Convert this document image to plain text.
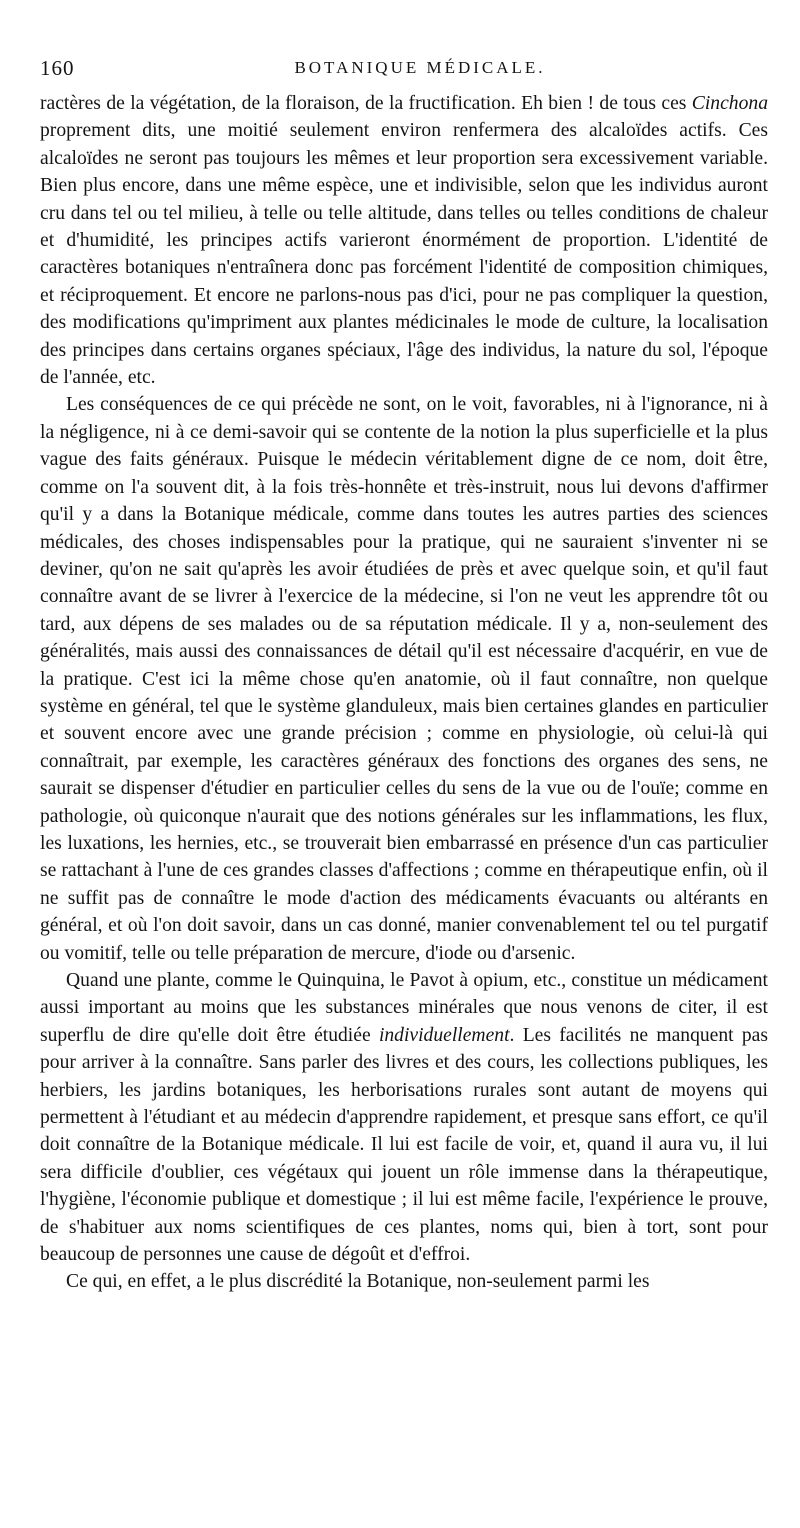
160	BOTANIQUE MÉDICALE.

ractères de la végétation, de la floraison, de la fructification. Eh bien ! de tous ces Cinchona proprement dits, une moitié seulement environ renfermera des alcaloïdes actifs. Ces alcaloïdes ne seront pas toujours les mêmes et leur proportion sera excessivement variable. Bien plus encore, dans une même espèce, une et indivisible, selon que les individus auront cru dans tel ou tel milieu, à telle ou telle altitude, dans telles ou telles conditions de chaleur et d'humidité, les principes actifs varieront énormément de proportion. L'identité de caractères botaniques n'entraînera donc pas forcément l'identité de composition chimiques, et réciproquement. Et encore ne parlons-nous pas d'ici, pour ne pas compliquer la question, des modifications qu'impriment aux plantes médicinales le mode de culture, la localisation des principes dans certains organes spéciaux, l'âge des individus, la nature du sol, l'époque de l'année, etc.

Les conséquences de ce qui précède ne sont, on le voit, favorables, ni à l'ignorance, ni à la négligence, ni à ce demi-savoir qui se contente de la notion la plus superficielle et la plus vague des faits généraux. Puisque le médecin véritablement digne de ce nom, doit être, comme on l'a souvent dit, à la fois très-honnête et très-instruit, nous lui devons d'affirmer qu'il y a dans la Botanique médicale, comme dans toutes les autres parties des sciences médicales, des choses indispensables pour la pratique, qui ne sauraient s'inventer ni se deviner, qu'on ne sait qu'après les avoir étudiées de près et avec quelque soin, et qu'il faut connaître avant de se livrer à l'exercice de la médecine, si l'on ne veut les apprendre tôt ou tard, aux dépens de ses malades ou de sa réputation médicale. Il y a, non-seulement des généralités, mais aussi des connaissances de détail qu'il est nécessaire d'acquérir, en vue de la pratique. C'est ici la même chose qu'en anatomie, où il faut connaître, non quelque système en général, tel que le système glanduleux, mais bien certaines glandes en particulier et souvent encore avec une grande précision ; comme en physiologie, où celui-là qui connaîtrait, par exemple, les caractères généraux des fonctions des organes des sens, ne saurait se dispenser d'étudier en particulier celles du sens de la vue ou de l'ouïe; comme en pathologie, où quiconque n'aurait que des notions générales sur les inflammations, les flux, les luxations, les hernies, etc., se trouverait bien embarrassé en présence d'un cas particulier se rattachant à l'une de ces grandes classes d'affections ; comme en thérapeutique enfin, où il ne suffit pas de connaître le mode d'action des médicaments évacuants ou altérants en général, et où l'on doit savoir, dans un cas donné, manier convenablement tel ou tel purgatif ou vomitif, telle ou telle préparation de mercure, d'iode ou d'arsenic.

Quand une plante, comme le Quinquina, le Pavot à opium, etc., constitue un médicament aussi important au moins que les substances minérales que nous venons de citer, il est superflu de dire qu'elle doit être étudiée individuellement. Les facilités ne manquent pas pour arriver à la connaître. Sans parler des livres et des cours, les collections publiques, les herbiers, les jardins botaniques, les herborisations rurales sont autant de moyens qui permettent à l'étudiant et au médecin d'apprendre rapidement, et presque sans effort, ce qu'il doit connaître de la Botanique médicale. Il lui est facile de voir, et, quand il aura vu, il lui sera difficile d'oublier, ces végétaux qui jouent un rôle immense dans la thérapeutique, l'hygiène, l'économie publique et domestique ; il lui est même facile, l'expérience le prouve, de s'habituer aux noms scientifiques de ces plantes, noms qui, bien à tort, sont pour beaucoup de personnes une cause de dégoût et d'effroi.

Ce qui, en effet, a le plus discrédité la Botanique, non-seulement parmi les
